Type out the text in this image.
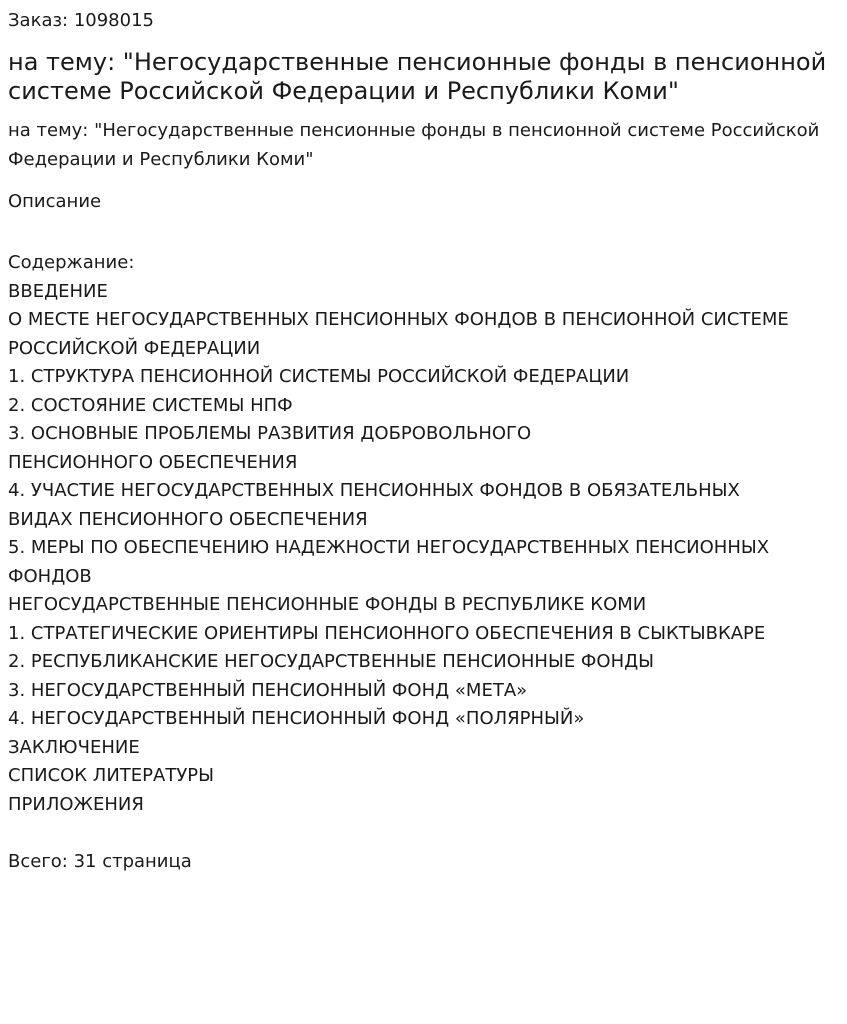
Заказ: 1098015

на тему: "Негосударственные пенсионные фонды в пенсионной системе Российской Федерации и Республики Коми"

на тему: "Негосударственные пенсионные фонды в пенсионной системе Российской Федерации и Республики Коми"

Описание

Содержание:

ВВЕДЕНИЕ
О МЕСТЕ НЕГОСУДАРСТВЕННЫХ ПЕНСИОННЫХ ФОНДОВ В ПЕНСИОННОЙ СИСТЕМЕ
РОССИЙСКОЙ ФЕДЕРАЦИИ
1. СТРУКТУРА ПЕНСИОННОЙ СИСТЕМЫ РОССИЙСКОЙ ФЕДЕРАЦИИ
2. СОСТОЯНИЕ СИСТЕМЫ НПФ
3. ОСНОВНЫЕ ПРОБЛЕМЫ РАЗВИТИЯ ДОБРОВОЛЬНОГО
ПЕНСИОННОГО ОБЕСПЕЧЕНИЯ
4. УЧАСТИЕ НЕГОСУДАРСТВЕННЫХ ПЕНСИОННЫХ ФОНДОВ В ОБЯЗАТЕЛЬНЫХ
ВИДАХ ПЕНСИОННОГО ОБЕСПЕЧЕНИЯ
5. МЕРЫ ПО ОБЕСПЕЧЕНИЮ НАДЕЖНОСТИ НЕГОСУДАРСТВЕННЫХ ПЕНСИОННЫХ
ФОНДОВ
НЕГОСУДАРСТВЕННЫЕ ПЕНСИОННЫЕ ФОНДЫ В РЕСПУБЛИКЕ КОМИ
1. СТРАТЕГИЧЕСКИЕ ОРИЕНТИРЫ ПЕНСИОННОГО ОБЕСПЕЧЕНИЯ В СЫКТЫВКАРЕ
2. РЕСПУБЛИКАНСКИЕ НЕГОСУДАРСТВЕННЫЕ ПЕНСИОННЫЕ ФОНДЫ
3. НЕГОСУДАРСТВЕННЫЙ ПЕНСИОННЫЙ ФОНД «МЕТА»
4. НЕГОСУДАРСТВЕННЫЙ ПЕНСИОННЫЙ ФОНД «ПОЛЯРНЫЙ»
ЗАКЛЮЧЕНИЕ
СПИСОК ЛИТЕРАТУРЫ
ПРИЛОЖЕНИЯ

Всего: 31 страница
